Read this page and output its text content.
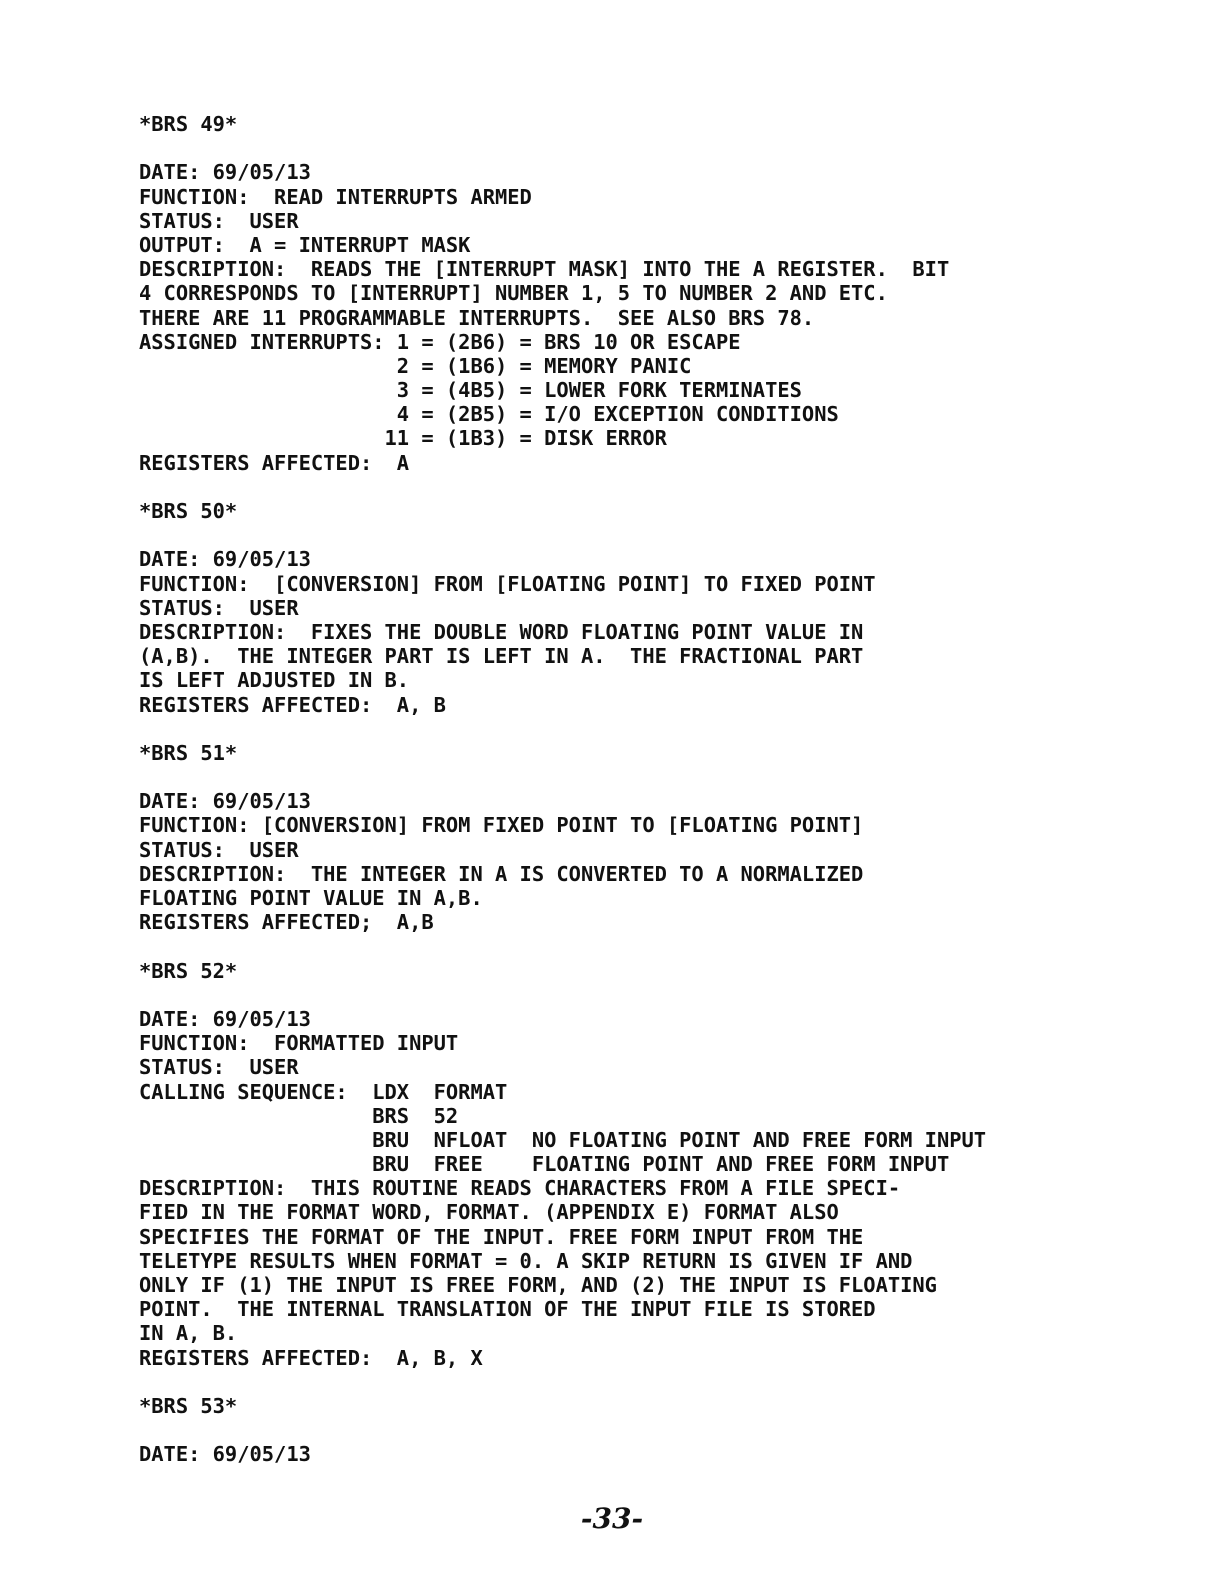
*BRS 49*

DATE: 69/05/13
FUNCTION:  READ INTERRUPTS ARMED
STATUS:  USER
OUTPUT:  A = INTERRUPT MASK
DESCRIPTION:  READS THE [INTERRUPT MASK] INTO THE A REGISTER.  BIT
4 CORRESPONDS TO [INTERRUPT] NUMBER 1, 5 TO NUMBER 2 AND ETC.
THERE ARE 11 PROGRAMMABLE INTERRUPTS.  SEE ALSO BRS 78.
ASSIGNED INTERRUPTS: 1 = (2B6) = BRS 10 OR ESCAPE
2 = (1B6) = MEMORY PANIC
3 = (4B5) = LOWER FORK TERMINATES
4 = (2B5) = I/O EXCEPTION CONDITIONS
11 = (1B3) = DISK ERROR
REGISTERS AFFECTED:  A

*BRS 50*

DATE: 69/05/13
FUNCTION:  [CONVERSION] FROM [FLOATING POINT] TO FIXED POINT
STATUS:  USER
DESCRIPTION:  FIXES THE DOUBLE WORD FLOATING POINT VALUE IN
(A,B).  THE INTEGER PART IS LEFT IN A.  THE FRACTIONAL PART
IS LEFT ADJUSTED IN B.
REGISTERS AFFECTED:  A, B

*BRS 51*

DATE: 69/05/13
FUNCTION: [CONVERSION] FROM FIXED POINT TO [FLOATING POINT]
STATUS:  USER
DESCRIPTION:  THE INTEGER IN A IS CONVERTED TO A NORMALIZED
FLOATING POINT VALUE IN A,B.
REGISTERS AFFECTED;  A,B

*BRS 52*

DATE: 69/05/13
FUNCTION:  FORMATTED INPUT
STATUS:  USER
CALLING SEQUENCE:  LDX  FORMAT
BRS  52
BRU  NFLOAT  NO FLOATING POINT AND FREE FORM INPUT
BRU  FREE    FLOATING POINT AND FREE FORM INPUT
DESCRIPTION:  THIS ROUTINE READS CHARACTERS FROM A FILE SPECI-
FIED IN THE FORMAT WORD, FORMAT. (APPENDIX E) FORMAT ALSO
SPECIFIES THE FORMAT OF THE INPUT. FREE FORM INPUT FROM THE
TELETYPE RESULTS WHEN FORMAT = 0. A SKIP RETURN IS GIVEN IF AND
ONLY IF (1) THE INPUT IS FREE FORM, AND (2) THE INPUT IS FLOATING
POINT.  THE INTERNAL TRANSLATION OF THE INPUT FILE IS STORED
IN A, B.
REGISTERS AFFECTED:  A, B, X

*BRS 53*

DATE: 69/05/13
-33-
